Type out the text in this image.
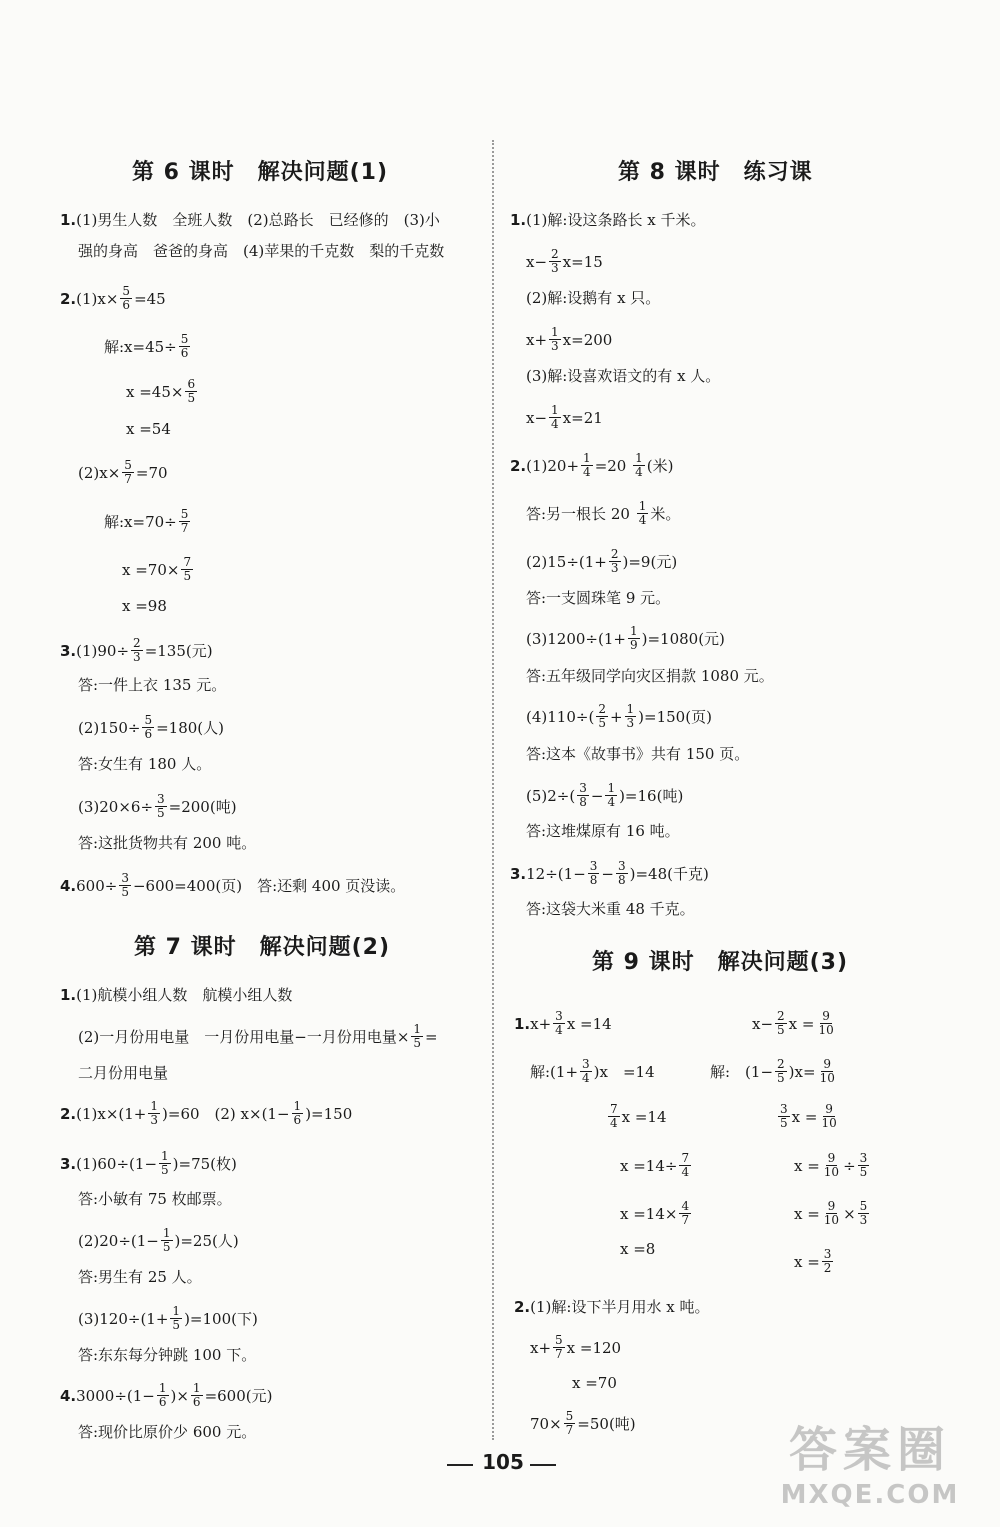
第 6 课时　解决问题(1)
1.(1)男生人数　全班人数　(2)总路长　已经修的　(3)小
强的身高　爸爸的身高　(4)苹果的千克数　梨的千克数
$2.(1)x\times \frac{5}{6} =45$
解:x=45÷ $\frac{5}{6}$
$x =45\times \frac{6}{5}$
x =54
$(2)x\times \frac{5}{7} =70$
解:x=70÷ $\frac{5}{7}$
$x =70\times \frac{7}{5}$
x =98
$3.(1)90\div \frac{2}{3} =135$(元)
答:一件上衣 135 元。
$(2)150\div \frac{5}{6} =180$(人)
答:女生有 180 人。
$(3)20\times 6\div \frac{3}{5} =200$(吨)
答:这批货物共有 200 吨。
$4.600\div \frac{3}{5} -600=400$(页)　答:还剩 400 页没读。
第 7 课时　解决问题(2)
1.(1)航模小组人数　航模小组人数
(2)一月份用电量　一月份用电量−一月份用电量× $\frac{1}{5}$ =
二月份用电量
$2.(1)x\times(1+ \frac{1}{3} )=60$　(2) $x\times(1- \frac{1}{6} )=150$
$3.(1)60\div(1- \frac{1}{5} )=75$(枚)
答:小敏有 75 枚邮票。
$(2)20\div(1- \frac{1}{5} )=25$(人)
答:男生有 25 人。
$(3)120\div(1+ \frac{1}{5} )=100$(下)
答:东东每分钟跳 100 下。
$4.3000\div(1- \frac{1}{6}$ )× $\frac{1}{6} =600$(元)
答:现价比原价少 600 元。
第 8 课时　练习课
1.(1)解:设这条路长 x 千米。
$x- \frac{2}{3} x=15$
(2)解:设鹅有 x 只。
$x+ \frac{1}{3} x=200$
(3)解:设喜欢语文的有 x 人。
$x- \frac{1}{4} x=21$
$2.(1)20+ \frac{1}{4} =20 \frac{1}{4}$ (米)
答:另一根长 $20 \frac{1}{4}$ 米。
$(2)15\div(1+ \frac{2}{3} )=9$(元)
答:一支圆珠笔 9 元。
$(3)1200\div(1+ \frac{1}{9} )=1080$(元)
答:五年级同学向灾区捐款 1080 元。
$(4)110\div( \frac{2}{5} + \frac{1}{3} )=150$(页)
答:这本《故事书》共有 150 页。
$(5)2\div( \frac{3}{8} - \frac{1}{4} )=16$(吨)
答:这堆煤原有 16 吨。
$3.12\div(1- \frac{3}{8} - \frac{3}{8} )=48$(千克)
答:这袋大米重 48 千克。
第 9 课时　解决问题(3)
$1.x+ \frac{3}{4}$ x =14
解:(1+ $\frac{3}{4} )x$　=14
$\frac{7}{4}$ x =14
$x =14\div \frac{7}{4}$
$x =14\times \frac{4}{7}$
x =8
$x- \frac{2}{5}$ $x = \frac{9}{10}$
解:　$(1- \frac{2}{5} )x= \frac{9}{10}$
$\frac{3}{5}$ $x = \frac{9}{10}$
$x = \frac{9}{10} \div \frac{3}{5}$
$x = \frac{9}{10} \times \frac{5}{3}$
$x = \frac{3}{2}$
2.(1)解:设下半月用水 x 吨。
$x+ \frac{5}{7}$ x =120
x =70
$70\times \frac{5}{7} =50$(吨)
105	答案圈
MXQE.COM
